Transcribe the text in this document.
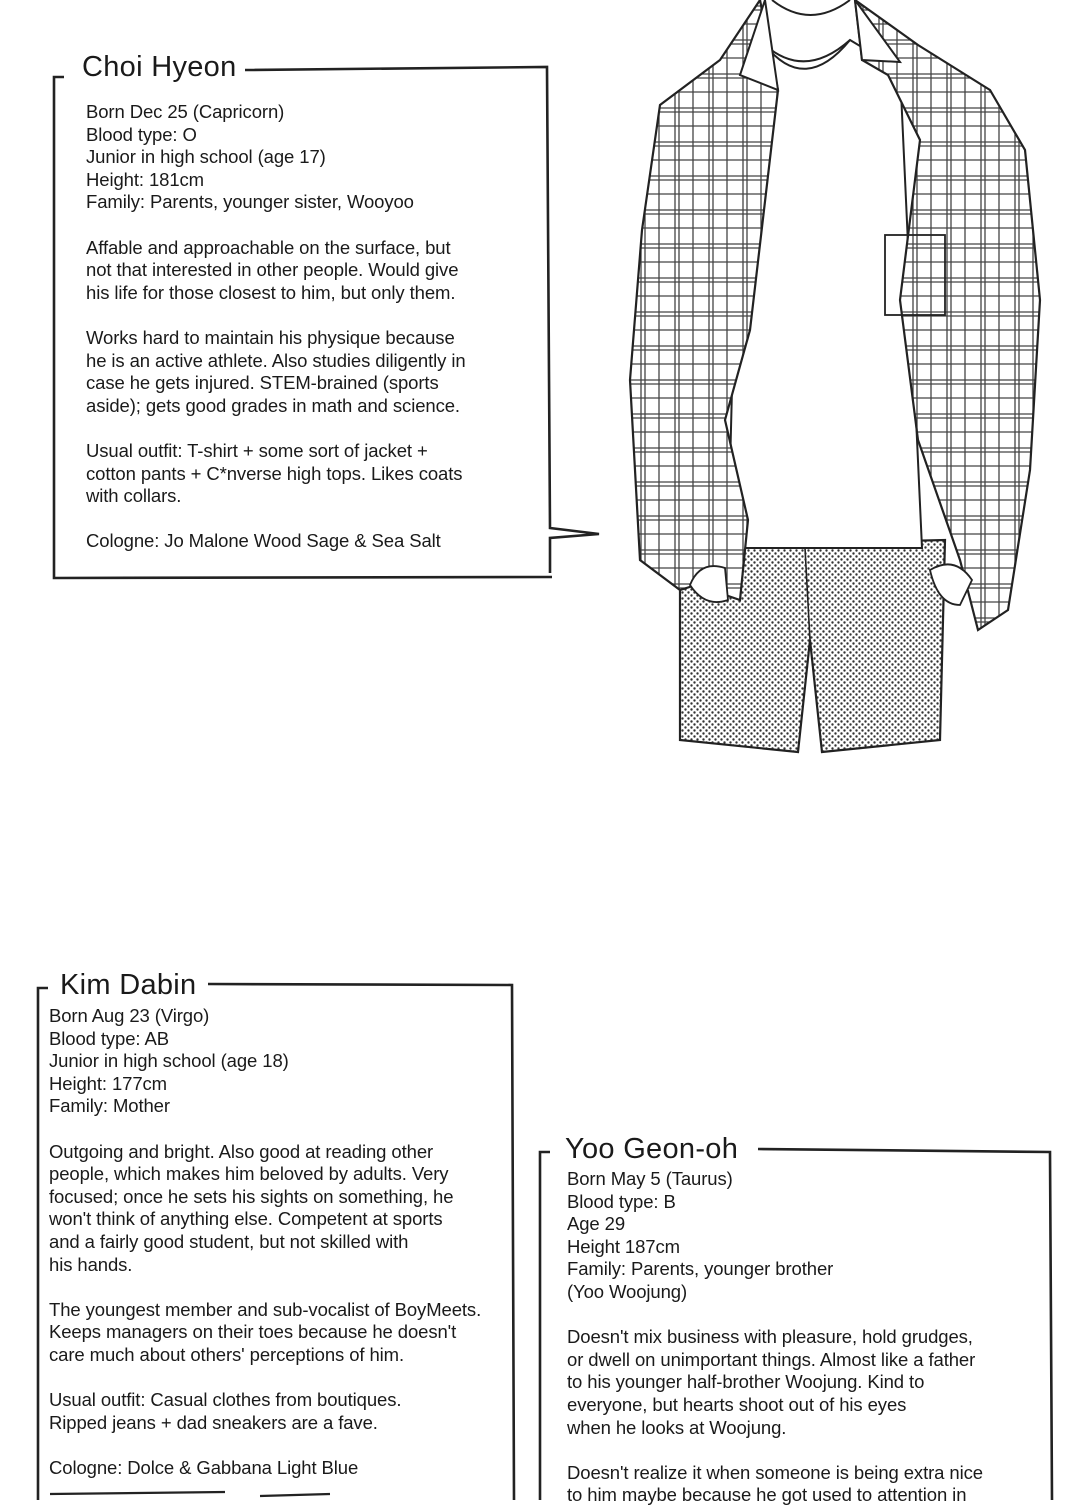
Choi Hyeon

Born Dec 25 (Capricorn)
Blood type: O
Junior in high school (age 17)
Height: 181cm
Family: Parents, younger sister, Wooyoo

Affable and approachable on the surface, but
not that interested in other people. Would give
his life for those closest to him, but only them.

Works hard to maintain his physique because
he is an active athlete. Also studies diligently in
case he gets injured. STEM-brained (sports
aside); gets good grades in math and science.

Usual outfit: T-shirt + some sort of jacket +
cotton pants + C*nverse high tops. Likes coats
with collars.

Cologne: Jo Malone Wood Sage & Sea Salt

Kim Dabin

Born Aug 23 (Virgo)
Blood type: AB
Junior in high school (age 18)
Height: 177cm
Family: Mother

Outgoing and bright. Also good at reading other
people, which makes him beloved by adults. Very
focused; once he sets his sights on something, he
won't think of anything else. Competent at sports
and a fairly good student, but not skilled with
his hands.

The youngest member and sub-vocalist of BoyMeets.
Keeps managers on their toes because he doesn't
care much about others' perceptions of him.

Usual outfit: Casual clothes from boutiques.
Ripped jeans + dad sneakers are a fave.

Cologne: Dolce & Gabbana Light Blue

Yoo Geon-oh

Born May 5 (Taurus)
Blood type: B
Age 29
Height 187cm
Family: Parents, younger brother
(Yoo Woojung)

Doesn't mix business with pleasure, hold grudges,
or dwell on unimportant things. Almost like a father
to his younger half-brother Woojung. Kind to
everyone, but hearts shoot out of his eyes
when he looks at Woojung.

Doesn't realize it when someone is being extra nice
to him maybe because he got used to attention in
